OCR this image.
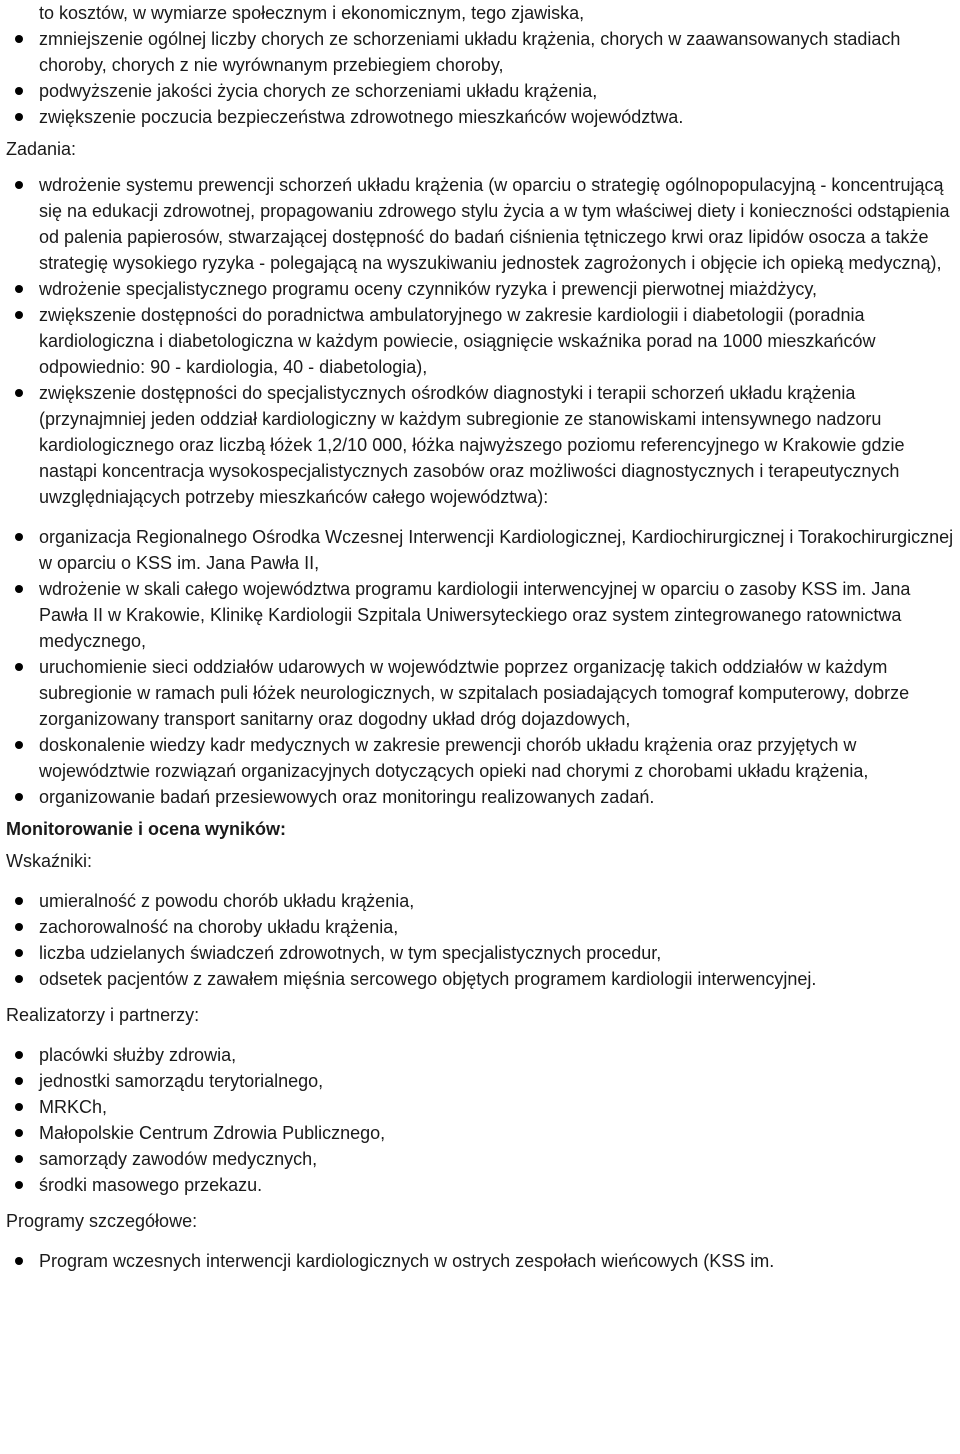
to kosztów, w wymiarze społecznym i ekonomicznym, tego zjawiska,

zmniejszenie ogólnej liczby chorych ze schorzeniami układu krążenia, chorych w zaawansowanych stadiach choroby, chorych z nie wyrównanym przebiegiem choroby,
podwyższenie jakości życia chorych ze schorzeniami układu krążenia,
zwiększenie poczucia bezpieczeństwa zdrowotnego mieszkańców województwa.

Zadania:

wdrożenie systemu prewencji schorzeń układu krążenia (w oparciu o strategię ogólnopopulacyjną - koncentrującą się na edukacji zdrowotnej, propagowaniu zdrowego stylu życia a w tym właściwej diety i konieczności odstąpienia od palenia papierosów, stwarzającej dostępność do badań ciśnienia tętniczego krwi oraz lipidów osocza a także strategię wysokiego ryzyka - polegającą na wyszukiwaniu jednostek zagrożonych i objęcie ich opieką medyczną),
wdrożenie specjalistycznego programu oceny czynników ryzyka i prewencji pierwotnej miażdżycy,
zwiększenie dostępności do poradnictwa ambulatoryjnego w zakresie kardiologii i diabetologii (poradnia kardiologiczna i diabetologiczna w każdym powiecie, osiągnięcie wskaźnika porad na 1000 mieszkańców odpowiednio: 90 - kardiologia, 40 - diabetologia),
zwiększenie dostępności do specjalistycznych ośrodków diagnostyki i terapii schorzeń układu krążenia (przynajmniej jeden oddział kardiologiczny w każdym subregionie ze stanowiskami intensywnego nadzoru kardiologicznego oraz liczbą łóżek 1,2/10 000, łóżka najwyższego poziomu referencyjnego w Krakowie gdzie nastąpi koncentracja wysokospecjalistycznych zasobów oraz możliwości diagnostycznych i terapeutycznych uwzględniających potrzeby mieszkańców całego województwa):
organizacja Regionalnego Ośrodka Wczesnej Interwencji Kardiologicznej, Kardiochirurgicznej i Torakochirurgicznej w oparciu o KSS im. Jana Pawła II,
wdrożenie w skali całego województwa programu kardiologii interwencyjnej w oparciu o zasoby KSS im. Jana Pawła II w Krakowie, Klinikę Kardiologii Szpitala Uniwersyteckiego oraz system zintegrowanego ratownictwa medycznego,
uruchomienie sieci oddziałów udarowych w województwie poprzez organizację takich oddziałów w każdym subregionie w ramach puli łóżek neurologicznych, w szpitalach posiadających tomograf komputerowy, dobrze zorganizowany transport sanitarny oraz dogodny układ dróg dojazdowych,
doskonalenie wiedzy kadr medycznych w zakresie prewencji chorób układu krążenia oraz przyjętych w województwie rozwiązań organizacyjnych dotyczących opieki nad chorymi z chorobami układu krążenia,
organizowanie badań przesiewowych oraz monitoringu realizowanych zadań.

Monitorowanie i ocena wyników:

Wskaźniki:

umieralność z powodu chorób układu krążenia,
zachorowalność na choroby układu krążenia,
liczba udzielanych świadczeń zdrowotnych, w tym specjalistycznych procedur,
odsetek pacjentów z zawałem mięśnia sercowego objętych programem kardiologii interwencyjnej.

Realizatorzy i partnerzy:

placówki służby zdrowia,
jednostki samorządu terytorialnego,
MRKCh,
Małopolskie Centrum Zdrowia Publicznego,
samorządy zawodów medycznych,
środki masowego przekazu.

Programy szczegółowe:

Program wczesnych interwencji kardiologicznych w ostrych zespołach wieńcowych (KSS im.
